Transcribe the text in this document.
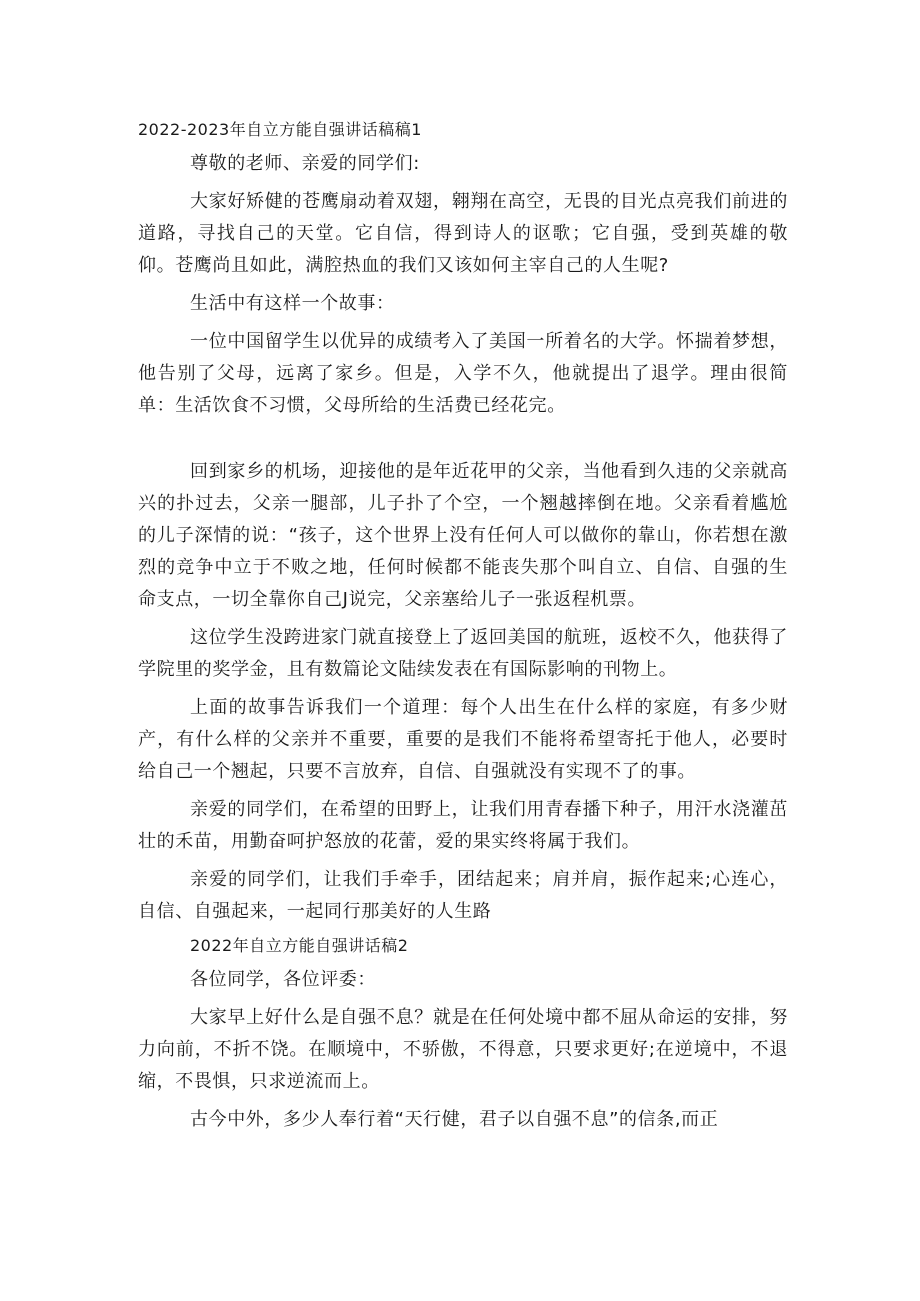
2022-2023年自立方能自强讲话稿稿1

尊敬的老师、亲爱的同学们:

大家好矫健的苍鹰扇动着双翅，翱翔在高空，无畏的目光点亮我们前进的道路，寻找自己的天堂。它自信，得到诗人的讴歌；它自强，受到英雄的敬仰。苍鹰尚且如此，满腔热血的我们又该如何主宰自己的人生呢?

生活中有这样一个故事：

一位中国留学生以优异的成绩考入了美国一所着名的大学。怀揣着梦想，他告别了父母，远离了家乡。但是，入学不久，他就提出了退学。理由很简单：生活饮食不习惯，父母所给的生活费已经花完。

回到家乡的机场，迎接他的是年近花甲的父亲，当他看到久违的父亲就高兴的扑过去，父亲一腿部，儿子扑了个空，一个翘越摔倒在地。父亲看着尴尬的儿子深情的说：“孩子，这个世界上没有任何人可以做你的靠山，你若想在激烈的竞争中立于不败之地，任何时候都不能丧失那个叫自立、自信、自强的生命支点，一切全靠你自己J说完，父亲塞给儿子一张返程机票。

这位学生没跨进家门就直接登上了返回美国的航班，返校不久，他获得了学院里的奖学金，且有数篇论文陆续发表在有国际影响的刊物上。

上面的故事告诉我们一个道理：每个人出生在什么样的家庭，有多少财产，有什么样的父亲并不重要，重要的是我们不能将希望寄托于他人，必要时给自己一个翘起，只要不言放弃，自信、自强就没有实现不了的事。

亲爱的同学们，在希望的田野上，让我们用青春播下种子，用汗水浇灌茁壮的禾苗，用勤奋呵护怒放的花蕾，爱的果实终将属于我们。

亲爱的同学们，让我们手牵手，团结起来；肩并肩，振作起来;心连心，自信、自强起来，一起同行那美好的人生路

2022年自立方能自强讲话稿2

各位同学，各位评委：

大家早上好什么是自强不息？就是在任何处境中都不屈从命运的安排，努力向前，不折不饶。在顺境中，不骄傲，不得意，只要求更好;在逆境中，不退缩，不畏惧，只求逆流而上。

古今中外，多少人奉行着“天行健，君子以自强不息”的信条,而正
